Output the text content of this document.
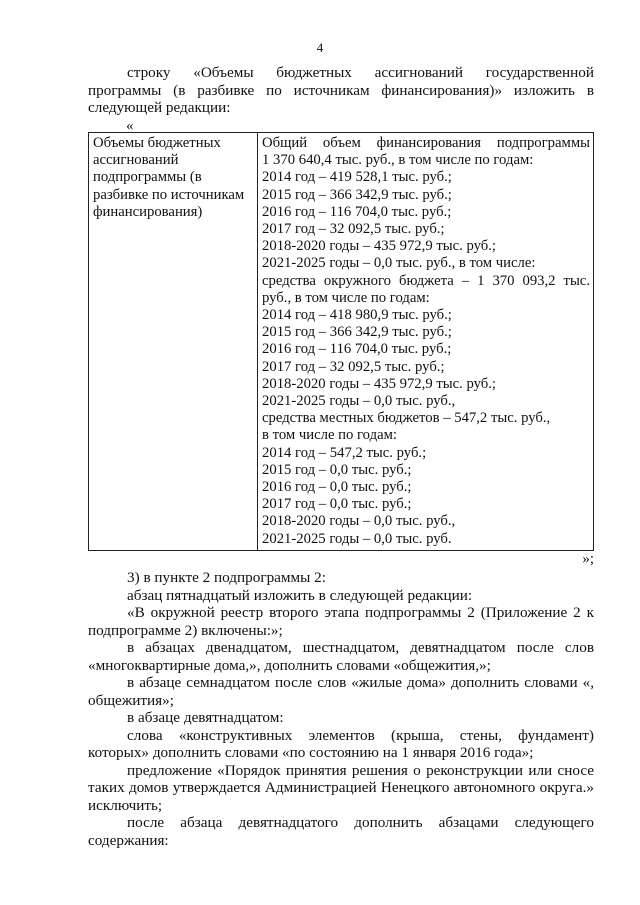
4
строку «Объемы бюджетных ассигнований государственной
программы (в разбивке по источникам финансирования)» изложить в
следующей редакции:
«
Объемы бюджетных
ассигнований
подпрограммы (в
разбивке по источникам
финансирования)

Общий объем финансирования подпрограммы
1 370 640,4 тыс. руб., в том числе по годам:
2014 год – 419 528,1 тыс. руб.;
2015 год – 366 342,9 тыс. руб.;
2016 год – 116 704,0 тыс. руб.;
2017 год – 32 092,5 тыс. руб.;
2018-2020 годы – 435 972,9 тыс. руб.;
2021-2025 годы – 0,0 тыс. руб., в том числе:
средства окружного бюджета – 1 370 093,2 тыс.
руб., в том числе по годам:
2014 год – 418 980,9 тыс. руб.;
2015 год – 366 342,9 тыс. руб.;
2016 год – 116 704,0 тыс. руб.;
2017 год – 32 092,5 тыс. руб.;
2018-2020 годы – 435 972,9 тыс. руб.;
2021-2025 годы – 0,0 тыс. руб.,
средства местных бюджетов – 547,2 тыс. руб.,
в том числе по годам:
2014 год – 547,2 тыс. руб.;
2015 год – 0,0 тыс. руб.;
2016 год – 0,0 тыс. руб.;
2017 год – 0,0 тыс. руб.;
2018-2020 годы – 0,0 тыс. руб.,
2021-2025 годы – 0,0 тыс. руб.
»;

3) в пункте 2 подпрограммы 2:

абзац пятнадцатый изложить в следующей редакции:

«В окружной реестр второго этапа подпрограммы 2 (Приложение 2 к подпрограмме 2) включены:»;

в абзацах двенадцатом, шестнадцатом, девятнадцатом после слов «многоквартирные дома,», дополнить словами «общежития,»;

в абзаце семнадцатом после слов «жилые дома» дополнить словами «, общежития»;

в абзаце девятнадцатом:

слова «конструктивных элементов (крыша, стены, фундамент) которых» дополнить словами «по состоянию на 1 января 2016 года»;

предложение «Порядок принятия решения о реконструкции или сносе таких домов утверждается Администрацией Ненецкого автономного округа.» исключить;

после абзаца девятнадцатого дополнить абзацами следующего содержания:
